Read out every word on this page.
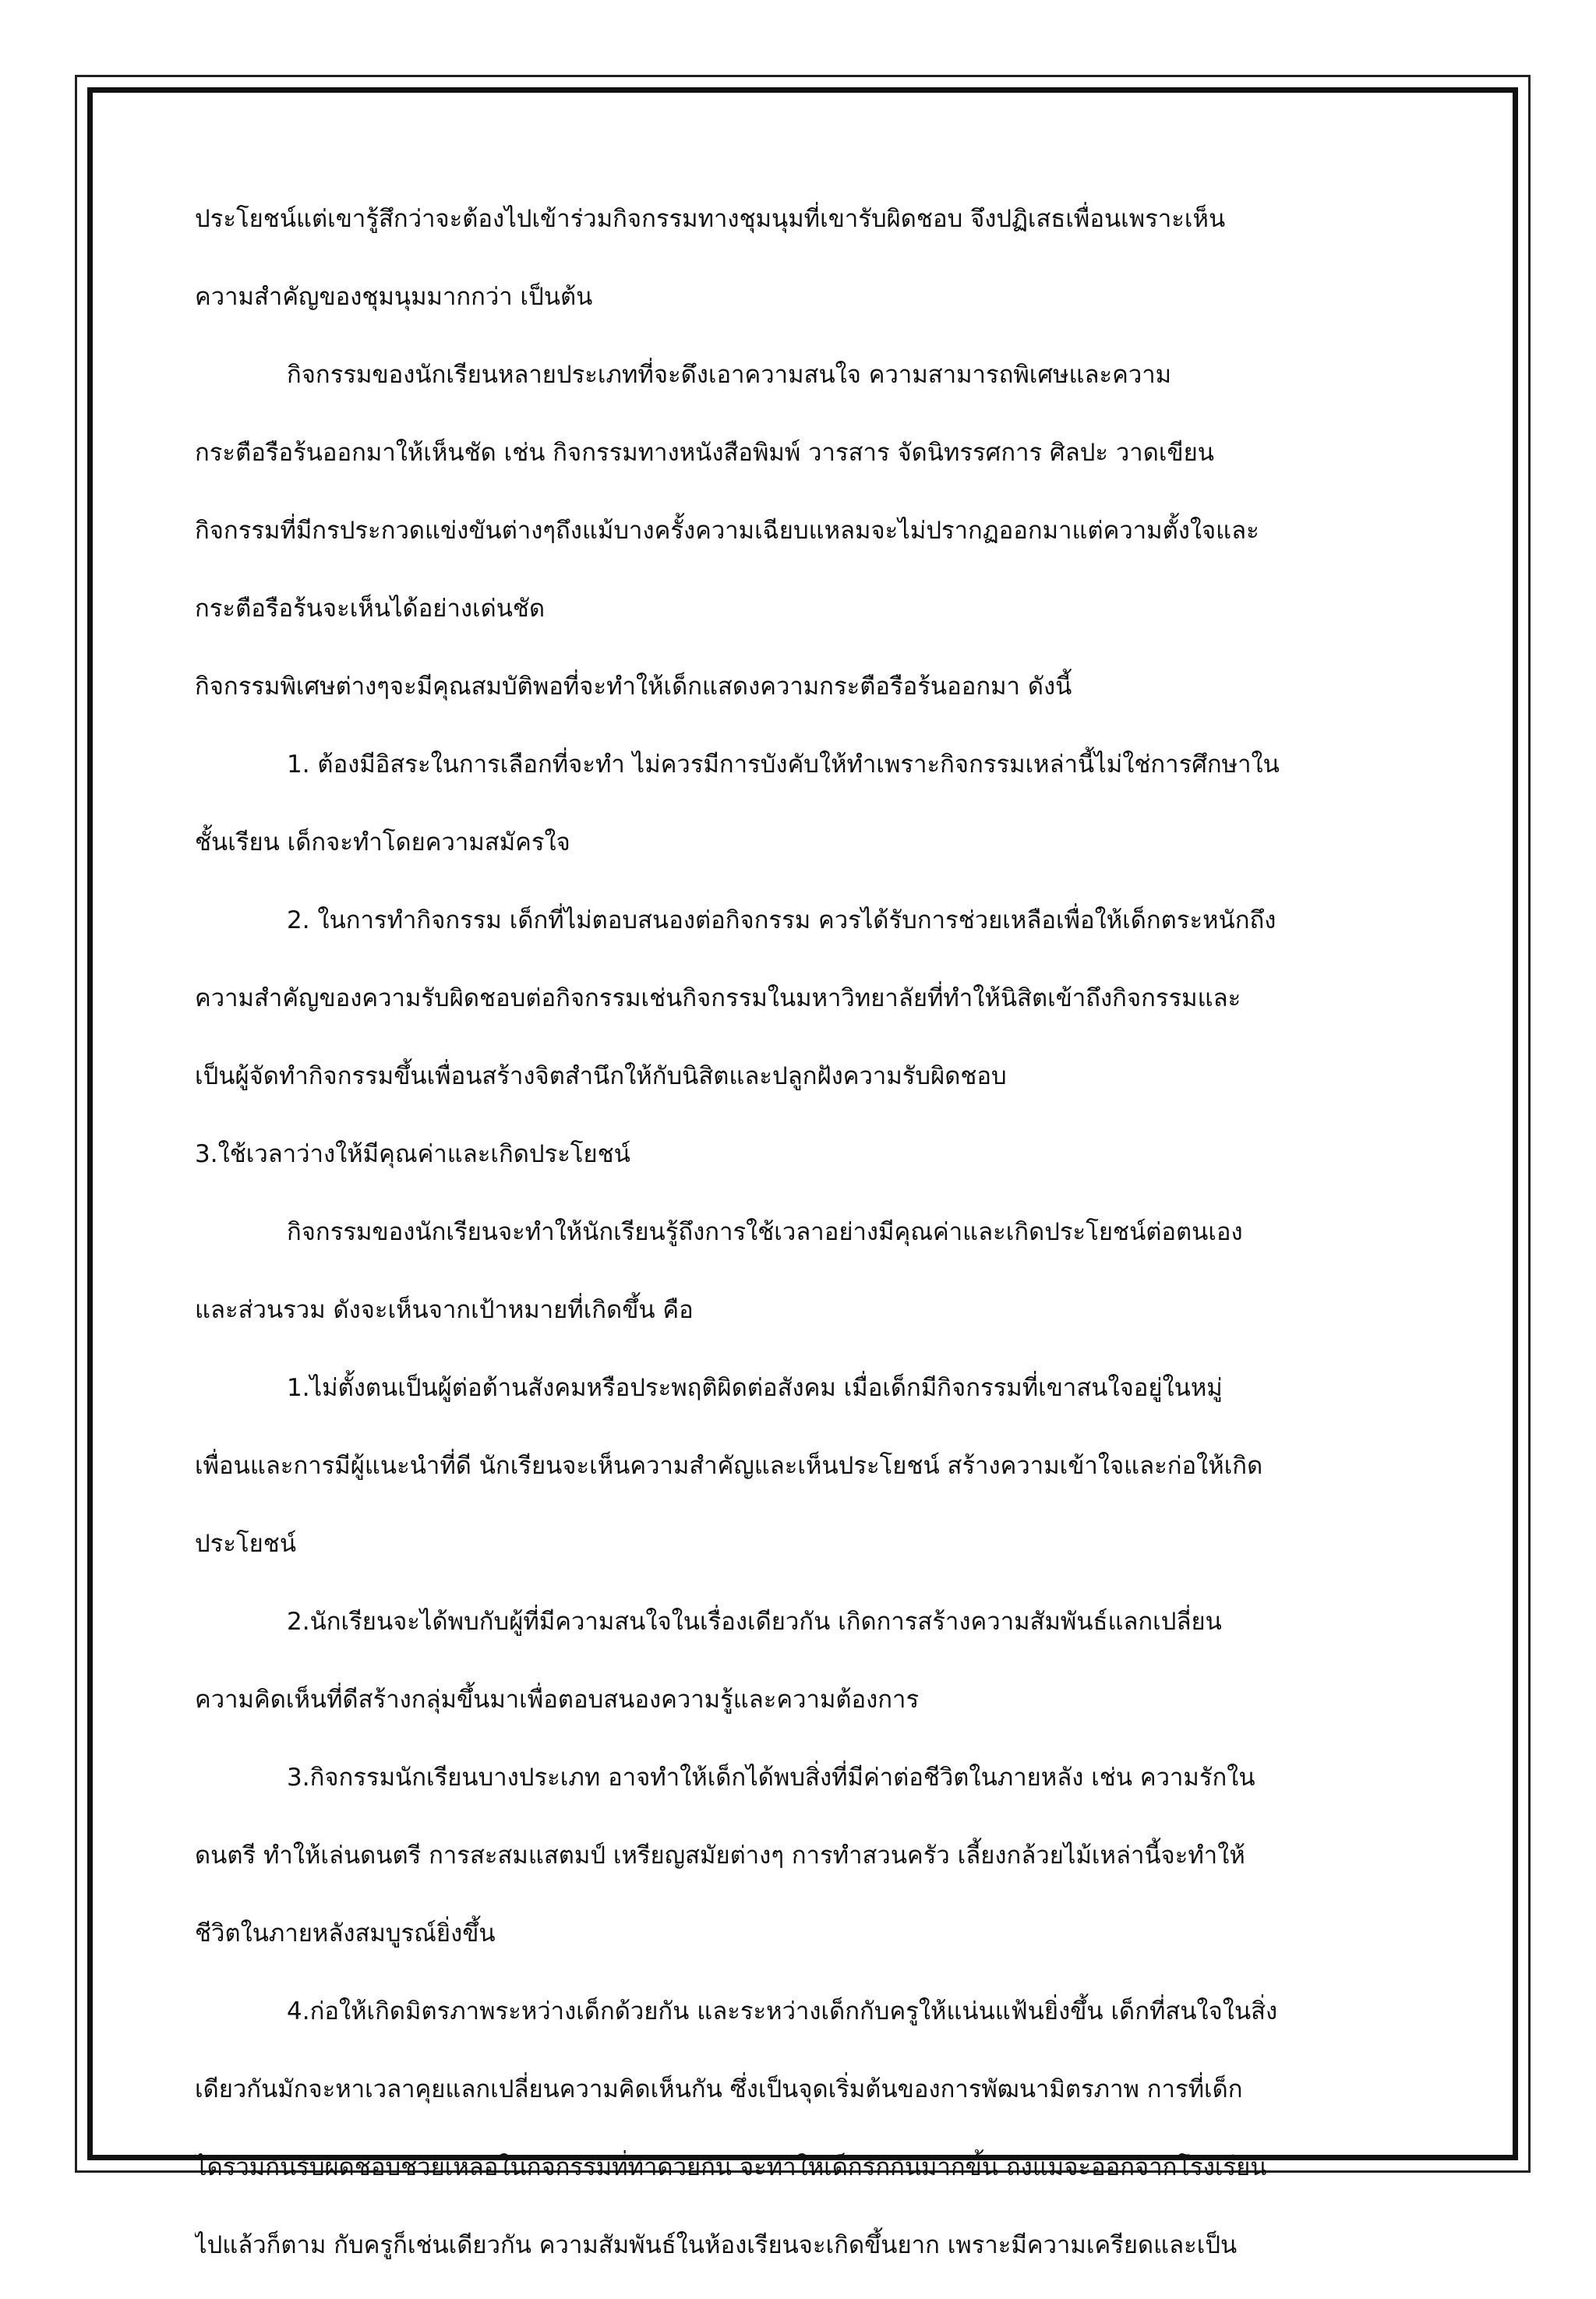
ประโยชน์แต่เขารู้สึกว่าจะต้องไปเข้าร่วมกิจกรรมทางชุมนุมที่เขารับผิดชอบ จึงปฏิเสธเพื่อนเพราะเห็น
ความสำคัญของชุมนุมมากกว่า เป็นต้น
กิจกรรมของนักเรียนหลายประเภทที่จะดึงเอาความสนใจ ความสามารถพิเศษและความ
กระตือรือร้นออกมาให้เห็นชัด เช่น กิจกรรมทางหนังสือพิมพ์ วารสาร จัดนิทรรศการ ศิลปะ วาดเขียน
กิจกรรมที่มีกรประกวดแข่งขันต่างๆถึงแม้บางครั้งความเฉียบแหลมจะไม่ปรากฏออกมาแต่ความตั้งใจและ
กระตือรือร้นจะเห็นได้อย่างเด่นชัด
กิจกรรมพิเศษต่างๆจะมีคุณสมบัติพอที่จะทำให้เด็กแสดงความกระตือรือร้นออกมา ดังนี้
1. ต้องมีอิสระในการเลือกที่จะทำ ไม่ควรมีการบังคับให้ทำเพราะกิจกรรมเหล่านี้ไม่ใช่การศึกษาใน
ชั้นเรียน เด็กจะทำโดยความสมัครใจ
2. ในการทำกิจกรรม เด็กที่ไม่ตอบสนองต่อกิจกรรม ควรได้รับการช่วยเหลือเพื่อให้เด็กตระหนักถึง
ความสำคัญของความรับผิดชอบต่อกิจกรรมเช่นกิจกรรมในมหาวิทยาลัยที่ทำให้นิสิตเข้าถึงกิจกรรมและ
เป็นผู้จัดทำกิจกรรมขึ้นเพื่อนสร้างจิตสำนึกให้กับนิสิตและปลูกฝังความรับผิดชอบ
3.ใช้เวลาว่างให้มีคุณค่าและเกิดประโยชน์
กิจกรรมของนักเรียนจะทำให้นักเรียนรู้ถึงการใช้เวลาอย่างมีคุณค่าและเกิดประโยชน์ต่อตนเอง
และส่วนรวม ดังจะเห็นจากเป้าหมายที่เกิดขึ้น คือ
1.ไม่ตั้งตนเป็นผู้ต่อต้านสังคมหรือประพฤติผิดต่อสังคม เมื่อเด็กมีกิจกรรมที่เขาสนใจอยู่ในหมู่
เพื่อนและการมีผู้แนะนำที่ดี นักเรียนจะเห็นความสำคัญและเห็นประโยชน์ สร้างความเข้าใจและก่อให้เกิด
ประโยชน์
2.นักเรียนจะได้พบกับผู้ที่มีความสนใจในเรื่องเดียวกัน เกิดการสร้างความสัมพันธ์แลกเปลี่ยน
ความคิดเห็นที่ดีสร้างกลุ่มขึ้นมาเพื่อตอบสนองความรู้และความต้องการ
3.กิจกรรมนักเรียนบางประเภท อาจทำให้เด็กได้พบสิ่งที่มีค่าต่อชีวิตในภายหลัง เช่น ความรักใน
ดนตรี ทำให้เล่นดนตรี การสะสมแสตมป์ เหรียญสมัยต่างๆ การทำสวนครัว เลี้ยงกล้วยไม้เหล่านี้จะทำให้
ชีวิตในภายหลังสมบูรณ์ยิ่งขึ้น
4.ก่อให้เกิดมิตรภาพระหว่างเด็กด้วยกัน และระหว่างเด็กกับครูให้แน่นแฟ้นยิ่งขึ้น เด็กที่สนใจในสิ่ง
เดียวกันมักจะหาเวลาคุยแลกเปลี่ยนความคิดเห็นกัน ซึ่งเป็นจุดเริ่มต้นของการพัฒนามิตรภาพ การที่เด็ก
ได้ร่วมกันรับผิดชอบช่วยเหลือในกิจกรรมที่ทำด้วยกัน จะทำให้เด็กรักกันมากขึ้น ถึงแม้จะออกจากโรงเรียน
ไปแล้วก็ตาม กับครูก็เช่นเดียวกัน ความสัมพันธ์ในห้องเรียนจะเกิดขึ้นยาก เพราะมีความเครียดและเป็น
